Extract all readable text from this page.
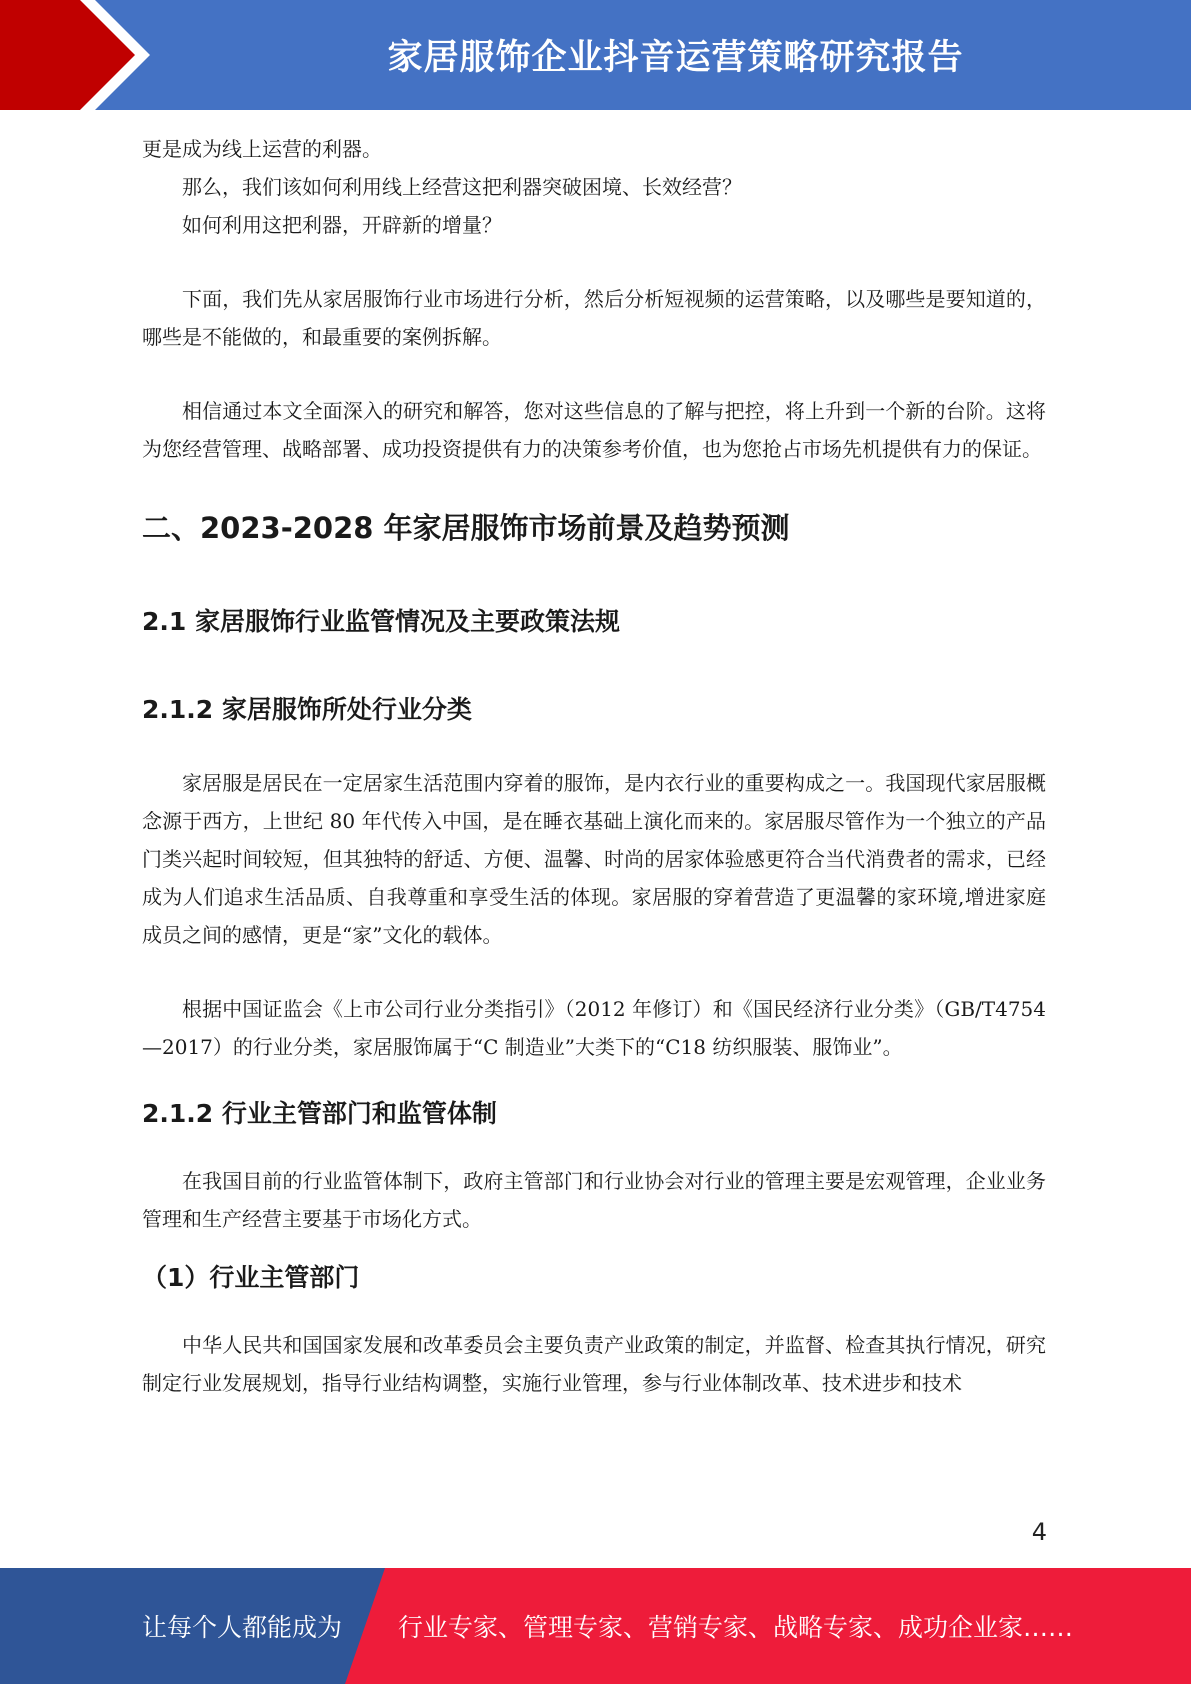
家居服饰企业抖音运营策略研究报告

更是成为线上运营的利器。

那么，我们该如何利用线上经营这把利器突破困境、长效经营？

如何利用这把利器，开辟新的增量？

下面，我们先从家居服饰行业市场进行分析，然后分析短视频的运营策略，以及哪些是要知道的，哪些是不能做的，和最重要的案例拆解。

相信通过本文全面深入的研究和解答，您对这些信息的了解与把控，将上升到一个新的台阶。这将为您经营管理、战略部署、成功投资提供有力的决策参考价值，也为您抢占市场先机提供有力的保证。

二、2023-2028 年家居服饰市场前景及趋势预测
2.1 家居服饰行业监管情况及主要政策法规
2.1.2 家居服饰所处行业分类

家居服是居民在一定居家生活范围内穿着的服饰，是内衣行业的重要构成之一。我国现代家居服概念源于西方，上世纪 80 年代传入中国，是在睡衣基础上演化而来的。家居服尽管作为一个独立的产品门类兴起时间较短，但其独特的舒适、方便、温馨、时尚的居家体验感更符合当代消费者的需求，已经成为人们追求生活品质、自我尊重和享受生活的体现。家居服的穿着营造了更温馨的家环境,增进家庭成员之间的感情，更是“家”文化的载体。

根据中国证监会《上市公司行业分类指引》（2012 年修订）和《国民经济行业分类》（GB/T4754—2017）的行业分类，家居服饰属于“C 制造业”大类下的“C18 纺织服装、服饰业”。

2.1.2 行业主管部门和监管体制

在我国目前的行业监管体制下，政府主管部门和行业协会对行业的管理主要是宏观管理，企业业务管理和生产经营主要基于市场化方式。

（1）行业主管部门

中华人民共和国国家发展和改革委员会主要负责产业政策的制定，并监督、检查其执行情况，研究制定行业发展规划，指导行业结构调整，实施行业管理，参与行业体制改革、技术进步和技术

4
让每个人都能成为 行业专家、管理专家、营销专家、战略专家、成功企业家……
